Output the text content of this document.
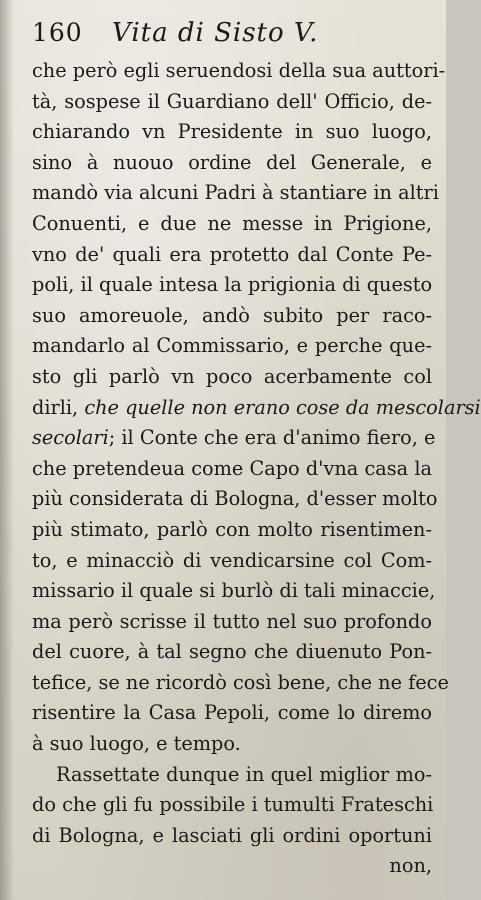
160	Vita di Sisto V.
che però egli seruendosi della sua auttori-
tà, sospese il Guardiano dell' Officio, de-
chiarando vn Presidente in suo luogo,
sino à nuouo ordine del Generale, e
mandò via alcuni Padri à stantiare in altri
Conuenti, e due ne messe in Prigione,
vno de' quali era protetto dal Conte Pe-
poli, il quale intesa la prigionia di questo
suo amoreuole, andò subito per raco-
mandarlo al Commissario, e perche que-
sto gli parlò vn poco acerbamente col
dirli, che quelle non erano cose da mescolarsi
secolari; il Conte che era d'animo fiero, e
che pretendeua come Capo d'vna casa la
più considerata di Bologna, d'esser molto
più stimato, parlò con molto risentimen-
to, e minacciò di vendicarsine col Com-
missario il quale si burlò di tali minaccie,
ma però scrisse il tutto nel suo profondo
del cuore, à tal segno che diuenuto Pon-
tefice, se ne ricordò così bene, che ne fece
risentire la Casa Pepoli, come lo diremo
à suo luogo, e tempo.
Rassettate dunque in quel miglior mo-
do che gli fu possibile i tumulti Frateschi
di Bologna, e lasciati gli ordini oportuni
non,
